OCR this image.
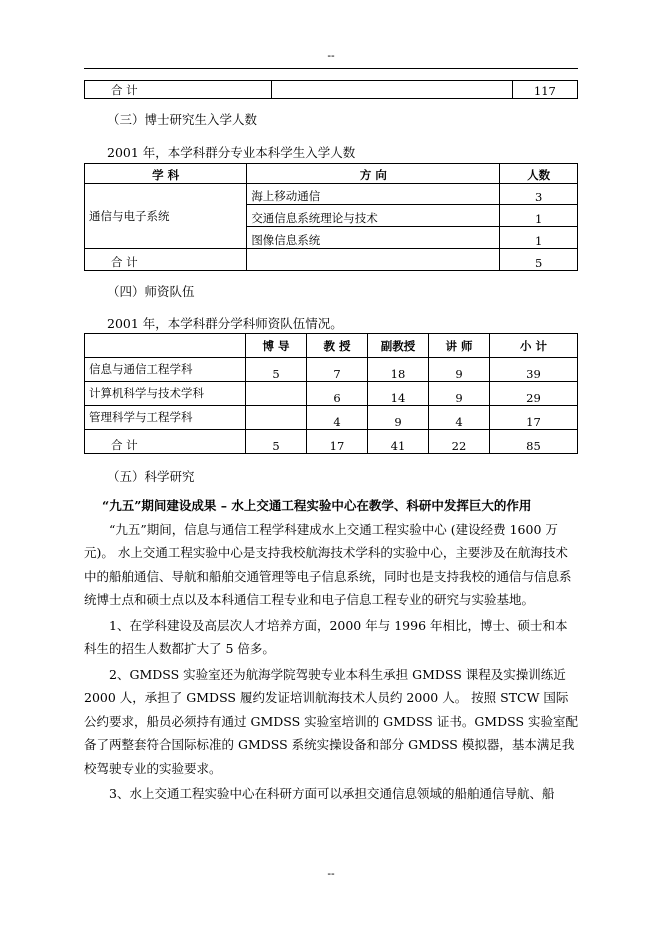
--
合 计		117
（三）博士研究生入学人数
2001 年，本学科群分专业本科学生入学人数
学 科	方 向	人数
通信与电子系统	海上移动通信	3
	交通信息系统理论与技术	1
	图像信息系统	1
合 计		5
（四）师资队伍
2001 年，本学科群分学科师资队伍情况。
	博 导	教 授	副教授	讲 师	小 计
信息与通信工程学科	5	7	18	9	39
计算机科学与技术学科		6	14	9	29
管理科学与工程学科		4	9	4	17
合 计	5	17	41	22	85
（五）科学研究

“九五”期间建设成果 – 水上交通工程实验中心在教学、科研中发挥巨大的作用

“九五”期间，信息与通信工程学科建成水上交通工程实验中心 (建设经费 1600 万元)。 水上交通工程实验中心是支持我校航海技术学科的实验中心，主要涉及在航海技术中的船舶通信、导航和船舶交通管理等电子信息系统，同时也是支持我校的通信与信息系统博士点和硕士点以及本科通信工程专业和电子信息工程专业的研究与实验基地。

1、在学科建设及高层次人才培养方面，2000 年与 1996 年相比，博士、硕士和本科生的招生人数都扩大了 5 倍多。

2、GMDSS 实验室还为航海学院驾驶专业本科生承担 GMDSS 课程及实操训练近 2000 人，承担了 GMDSS 履约发证培训航海技术人员约 2000 人。 按照 STCW 国际公约要求，船员必须持有通过 GMDSS 实验室培训的 GMDSS 证书。GMDSS 实验室配备了两整套符合国际标准的 GMDSS 系统实操设备和部分 GMDSS 模拟器，基本满足我校驾驶专业的实验要求。

3、水上交通工程实验中心在科研方面可以承担交通信息领域的船舶通信导航、船

--
